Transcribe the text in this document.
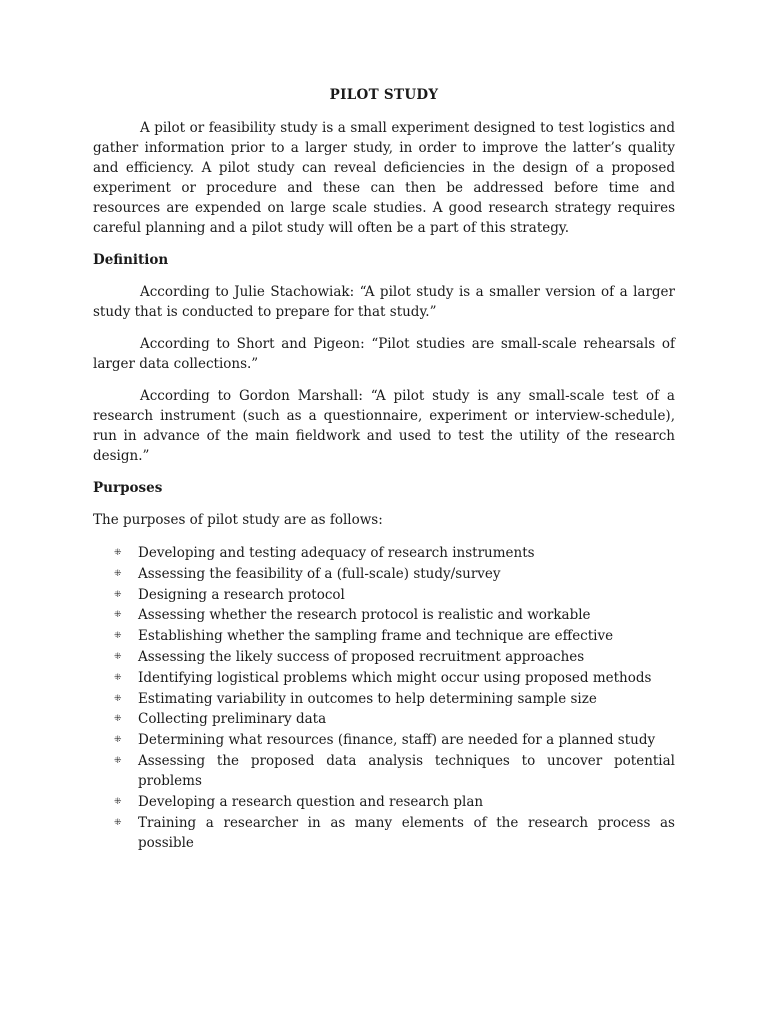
PILOT STUDY

A pilot or feasibility study is a small experiment designed to test logistics and gather information prior to a larger study, in order to improve the latter’s quality and efficiency. A pilot study can reveal deficiencies in the design of a proposed experiment or procedure and these can then be addressed before time and resources are expended on large scale studies. A good research strategy requires careful planning and a pilot study will often be a part of this strategy.

Definition

According to Julie Stachowiak: “A pilot study is a smaller version of a larger study that is conducted to prepare for that study.”

According to Short and Pigeon: “Pilot studies are small-scale rehearsals of larger data collections.”

According to Gordon Marshall: “A pilot study is any small-scale test of a research instrument (such as a questionnaire, experiment or interview-schedule), run in advance of the main fieldwork and used to test the utility of the research design.”

Purposes

The purposes of pilot study are as follows:

⁜ Developing and testing adequacy of research instruments
⁜ Assessing the feasibility of a (full-scale) study/survey
⁜ Designing a research protocol
⁜ Assessing whether the research protocol is realistic and workable
⁜ Establishing whether the sampling frame and technique are effective
⁜ Assessing the likely success of proposed recruitment approaches
⁜ Identifying logistical problems which might occur using proposed methods
⁜ Estimating variability in outcomes to help determining sample size
⁜ Collecting preliminary data
⁜ Determining what resources (finance, staff) are needed for a planned study
⁜ Assessing the proposed data analysis techniques to uncover potential problems
⁜ Developing a research question and research plan
⁜ Training a researcher in as many elements of the research process as possible
